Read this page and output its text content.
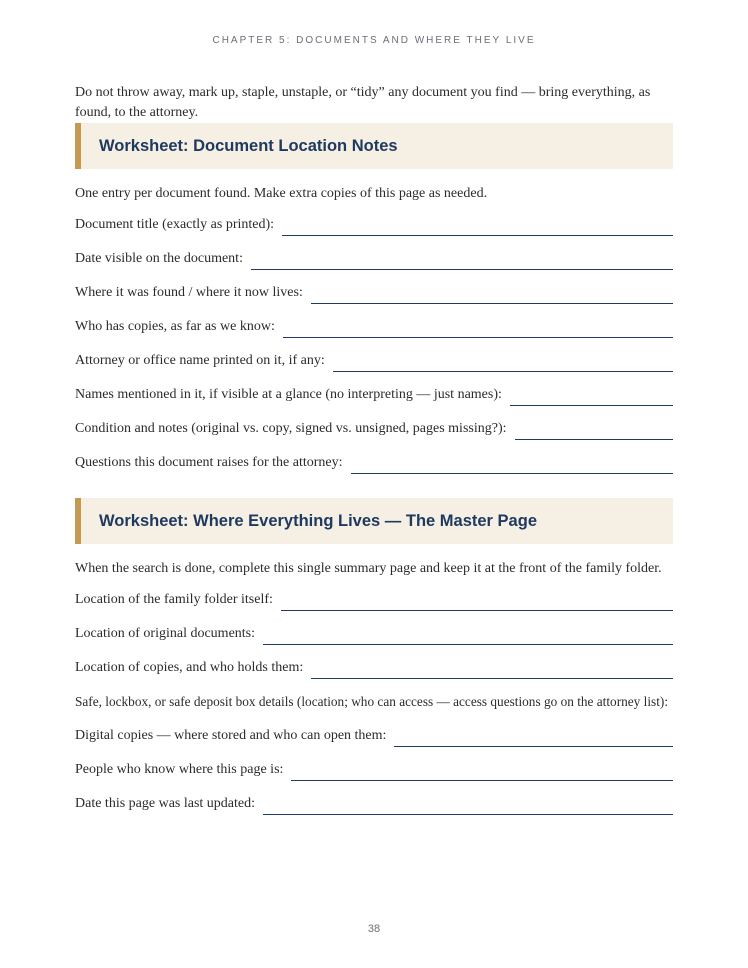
CHAPTER 5: DOCUMENTS AND WHERE THEY LIVE

Do not throw away, mark up, staple, unstaple, or “tidy” any document you find — bring everything, as found, to the attorney.

Worksheet: Document Location Notes

One entry per document found. Make extra copies of this page as needed.

Document title (exactly as printed):
Date visible on the document:
Where it was found / where it now lives:
Who has copies, as far as we know:
Attorney or office name printed on it, if any:
Names mentioned in it, if visible at a glance (no interpreting — just names):
Condition and notes (original vs. copy, signed vs. unsigned, pages missing?):
Questions this document raises for the attorney:
Worksheet: Where Everything Lives — The Master Page

When the search is done, complete this single summary page and keep it at the front of the family folder.

Location of the family folder itself:
Location of original documents:
Location of copies, and who holds them:
Safe, lockbox, or safe deposit box details (location; who can access — access questions go on the attorney list):
Digital copies — where stored and who can open them:
People who know where this page is:
Date this page was last updated:
38
